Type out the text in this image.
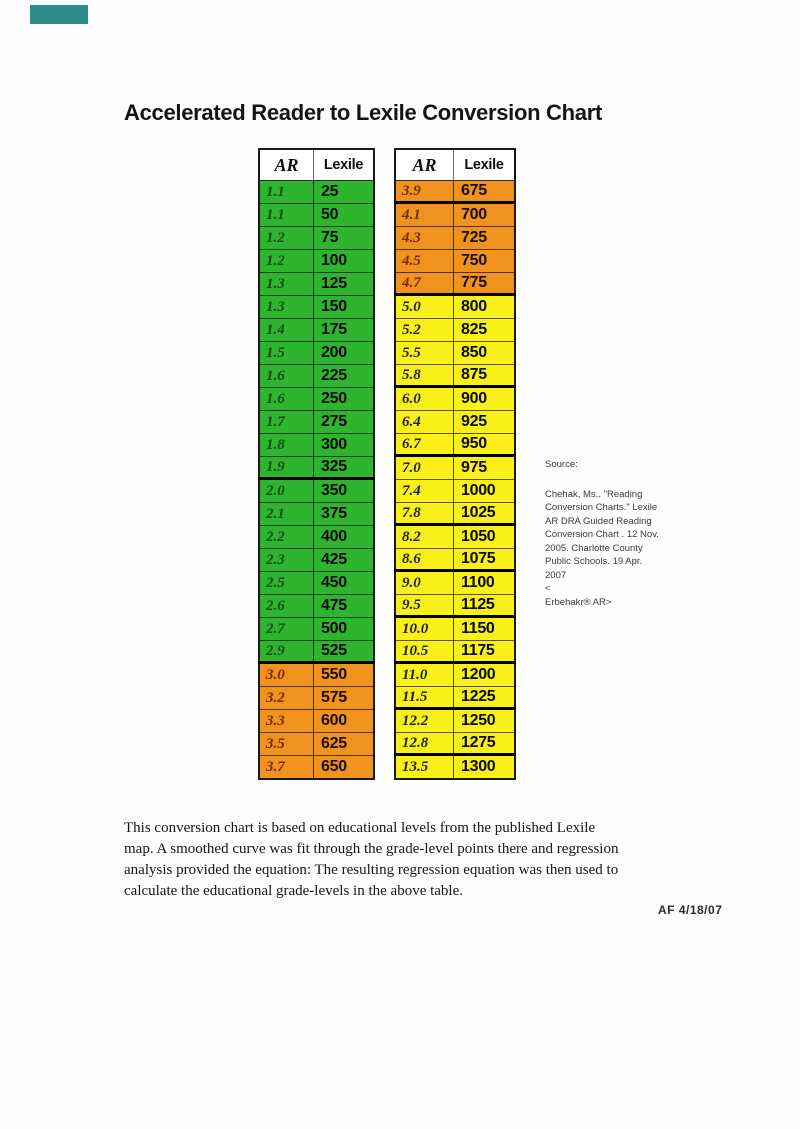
Accelerated Reader to Lexile Conversion Chart
AR	Lexile
1.1	25
1.1	50
1.2	75
1.2	100
1.3	125
1.3	150
1.4	175
1.5	200
1.6	225
1.6	250
1.7	275
1.8	300
1.9	325
2.0	350
2.1	375
2.2	400
2.3	425
2.5	450
2.6	475
2.7	500
2.9	525
3.0	550
3.2	575
3.3	600
3.5	625
3.7	650
AR	Lexile
3.9	675
4.1	700
4.3	725
4.5	750
4.7	775
5.0	800
5.2	825
5.5	850
5.8	875
6.0	900
6.4	925
6.7	950
7.0	975
7.4	1000
7.8	1025
8.2	1050
8.6	1075
9.0	1100
9.5	1125
10.0	1150
10.5	1175
11.0	1200
11.5	1225
12.2	1250
12.8	1275
13.5	1300
Source:
Chehak, Ms.. "Reading
Conversion Charts." Lexile
AR DRA Guided Reading
Conversion Chart . 12 Nov.
2005. Charlotte County
Public Schools. 19 Apr.
2007
<
Erbehakr® AR>
This conversion chart is based on educational levels from the published Lexile
map. A smoothed curve was fit through the grade-level points there and regression
analysis provided the equation: The resulting regression equation was then used to
calculate the educational grade-levels in the above table.
AF 4/18/07
